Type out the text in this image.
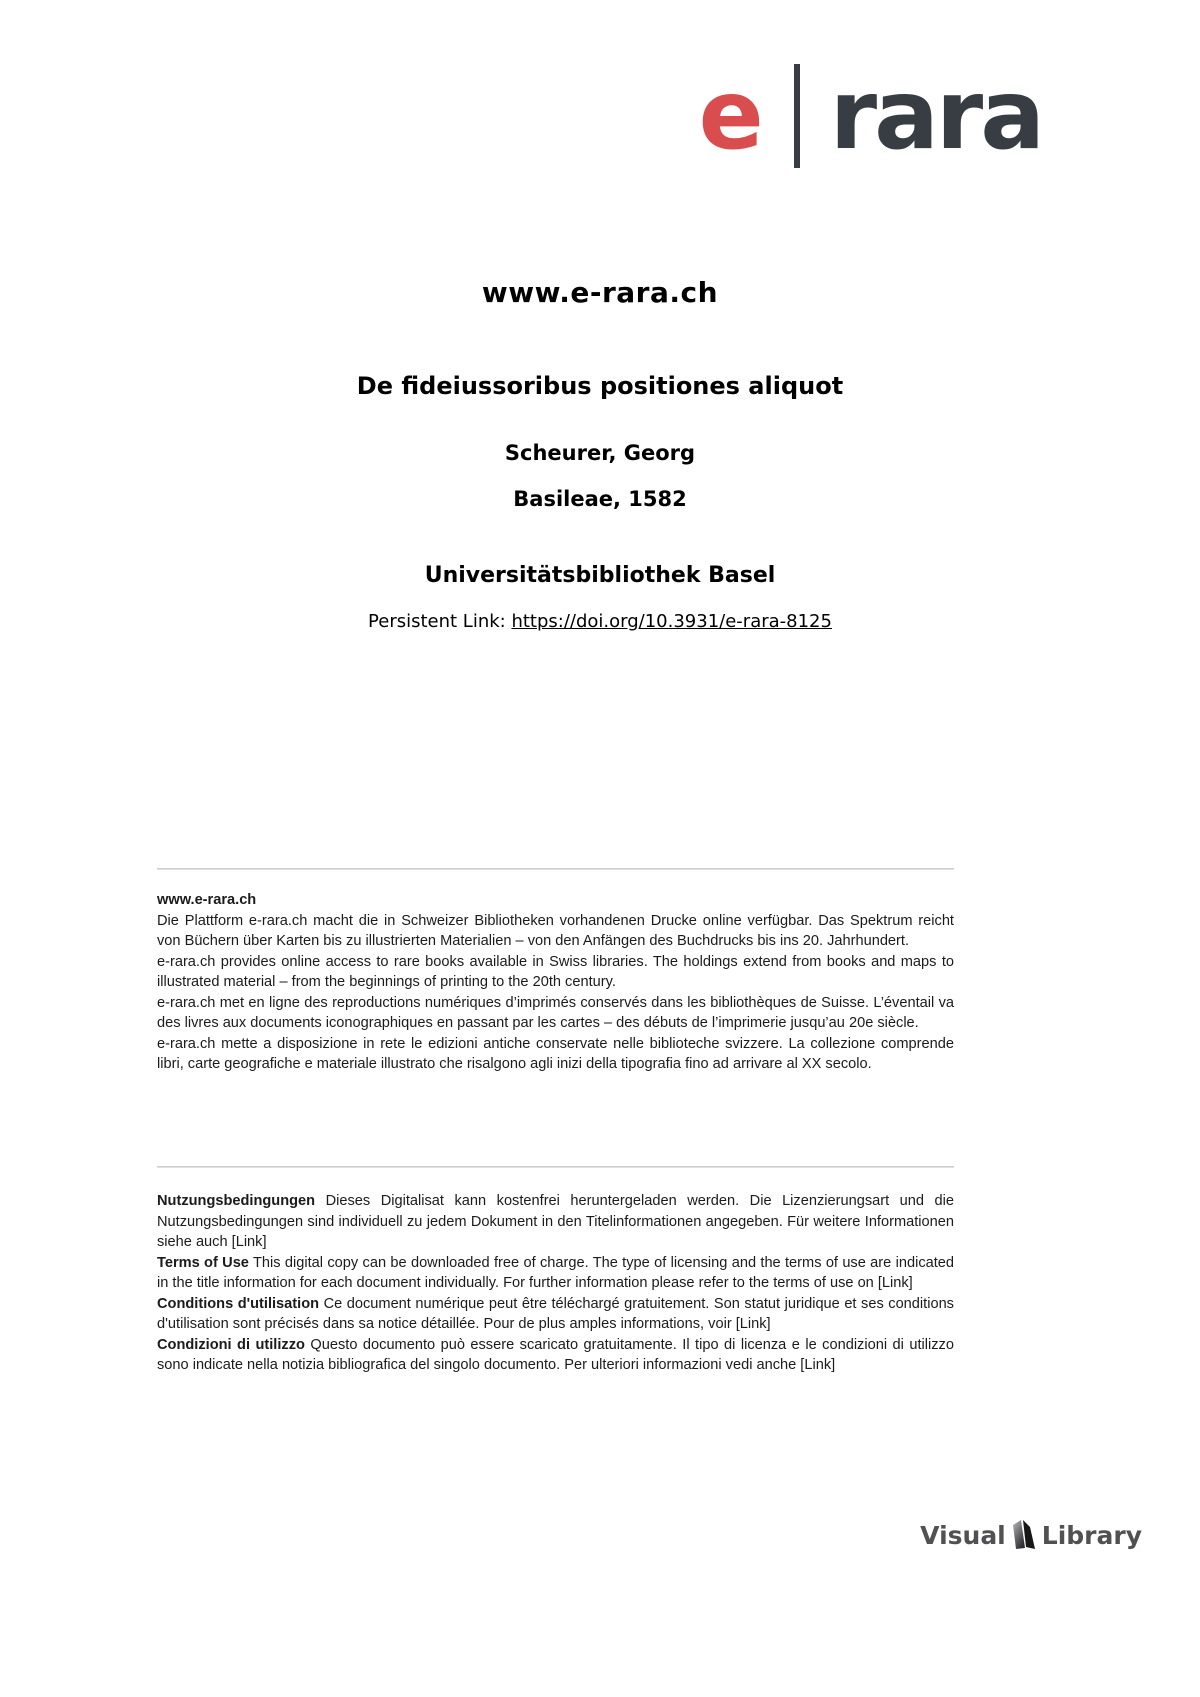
e rara
www.e-rara.ch
De fideiussoribus positiones aliquot
Scheurer, Georg
Basileae, 1582
Universitätsbibliothek Basel
Persistent Link: https://doi.org/10.3931/e-rara-8125

www.e-rara.ch

Die Plattform e-rara.ch macht die in Schweizer Bibliotheken vorhandenen Drucke online verfügbar. Das Spektrum reicht von Büchern über Karten bis zu illustrierten Materialien – von den Anfängen des Buchdrucks bis ins 20. Jahrhundert.

e-rara.ch provides online access to rare books available in Swiss libraries. The holdings extend from books and maps to illustrated material – from the beginnings of printing to the 20th century.

e-rara.ch met en ligne des reproductions numériques d’imprimés conservés dans les bibliothèques de Suisse. L’éventail va des livres aux documents iconographiques en passant par les cartes – des débuts de l’imprimerie jusqu’au 20e siècle.

e-rara.ch mette a disposizione in rete le edizioni antiche conservate nelle biblioteche svizzere. La collezione comprende libri, carte geografiche e materiale illustrato che risalgono agli inizi della tipografia fino ad arrivare al XX secolo.

Nutzungsbedingungen Dieses Digitalisat kann kostenfrei heruntergeladen werden. Die Lizenzierungsart und die Nutzungsbedingungen sind individuell zu jedem Dokument in den Titelinformationen angegeben. Für weitere Informationen siehe auch [Link]

Terms of Use This digital copy can be downloaded free of charge. The type of licensing and the terms of use are indicated in the title information for each document individually. For further information please refer to the terms of use on [Link]

Conditions d'utilisation Ce document numérique peut être téléchargé gratuitement. Son statut juridique et ses conditions d'utilisation sont précisés dans sa notice détaillée. Pour de plus amples informations, voir [Link]

Condizioni di utilizzo Questo documento può essere scaricato gratuitamente. Il tipo di licenza e le condizioni di utilizzo sono indicate nella notizia bibliografica del singolo documento. Per ulteriori informazioni vedi anche [Link]

Visual Library
